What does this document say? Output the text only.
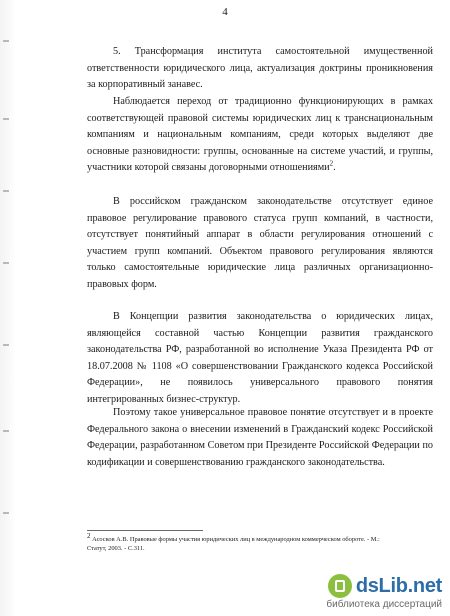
4

5. Трансформация института самостоятельной имущественной ответственности юридического лица, актуализация доктрины проникновения за корпоративный занавес.

Наблюдается переход от традиционно функционирующих в рамках соответствующей правовой системы юридических лиц к транснациональным компаниям и национальным компаниям, среди которых выделяют две основные разновидности: группы, основанные на системе участий, и группы, участники которой связаны договорными отношениями$^2$.

В российском гражданском законодательстве отсутствует единое правовое регулирование правового статуса групп компаний, в частности, отсутствует понятийный аппарат в области регулирования отношений с участием групп компаний. Объектом правового регулирования являются только самостоятельные юридические лица различных организационно-правовых форм.

В Концепции развития законодательства о юридических лицах, являющейся составной частью Концепции развития гражданского законодательства РФ, разработанной во исполнение Указа Президента РФ от 18.07.2008 № 1108 «О совершенствовании Гражданского кодекса Российской Федерации», не появилось универсального правового понятия интегрированных бизнес-структур.

Поэтому такое универсальное правовое понятие отсутствует и в проекте Федерального закона о внесении изменений в Гражданский кодекс Российской Федерации, разработанном Советом при Президенте Российской Федерации по кодификации и совершенствованию гражданского законодательства.

$^2$ Асосков А.В. Правовые формы участия юридических лиц в международном коммерческом обороте. - М.: Статут, 2003. - С.311.

dsLib.net
библиотека диссертаций
